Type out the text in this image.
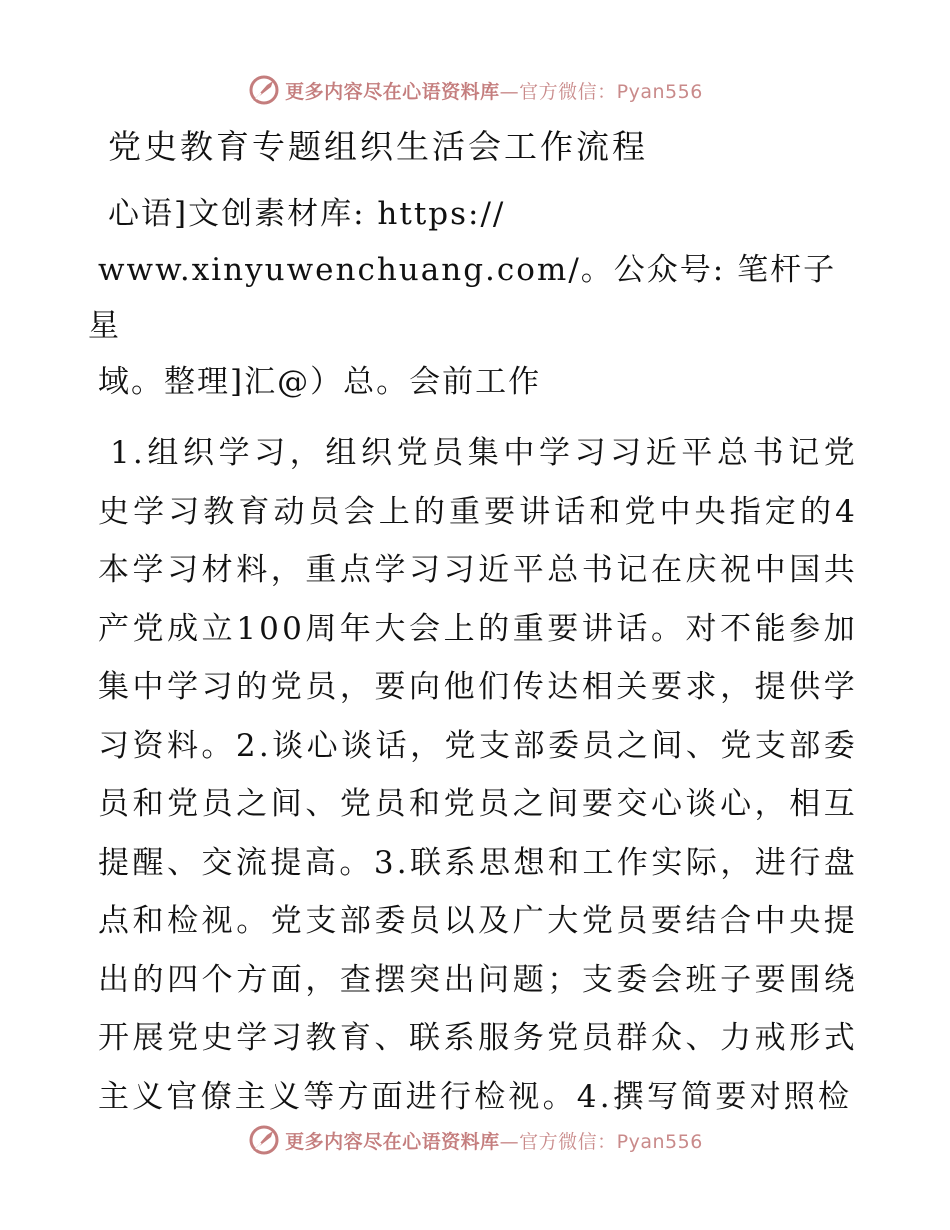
更多内容尽在心语资料库—官方微信：Pyan556
党史教育专题组织生活会工作流程

心语]文创素材库: https://
www.xinyuwenchuang.com/。公众号: 笔杆子星
域。整理]汇@）总。会前工作

1.组织学习，组织党员集中学习习近平总书记党史学习教育动员会上的重要讲话和党中央指定的4本学习材料，重点学习习近平总书记在庆祝中国共产党成立100周年大会上的重要讲话。对不能参加集中学习的党员，要向他们传达相关要求，提供学习资料。2.谈心谈话，党支部委员之间、党支部委员和党员之间、党员和党员之间要交心谈心，相互提醒、交流提高。3.联系思想和工作实际，进行盘点和检视。党支部委员以及广大党员要结合中央提出的四个方面，查摆突出问题；支委会班子要围绕开展党史学习教育、联系服务党员群众、力戒形式主义官僚主义等方面进行检视。4.撰写简要对照检

更多内容尽在心语资料库—官方微信：Pyan556
